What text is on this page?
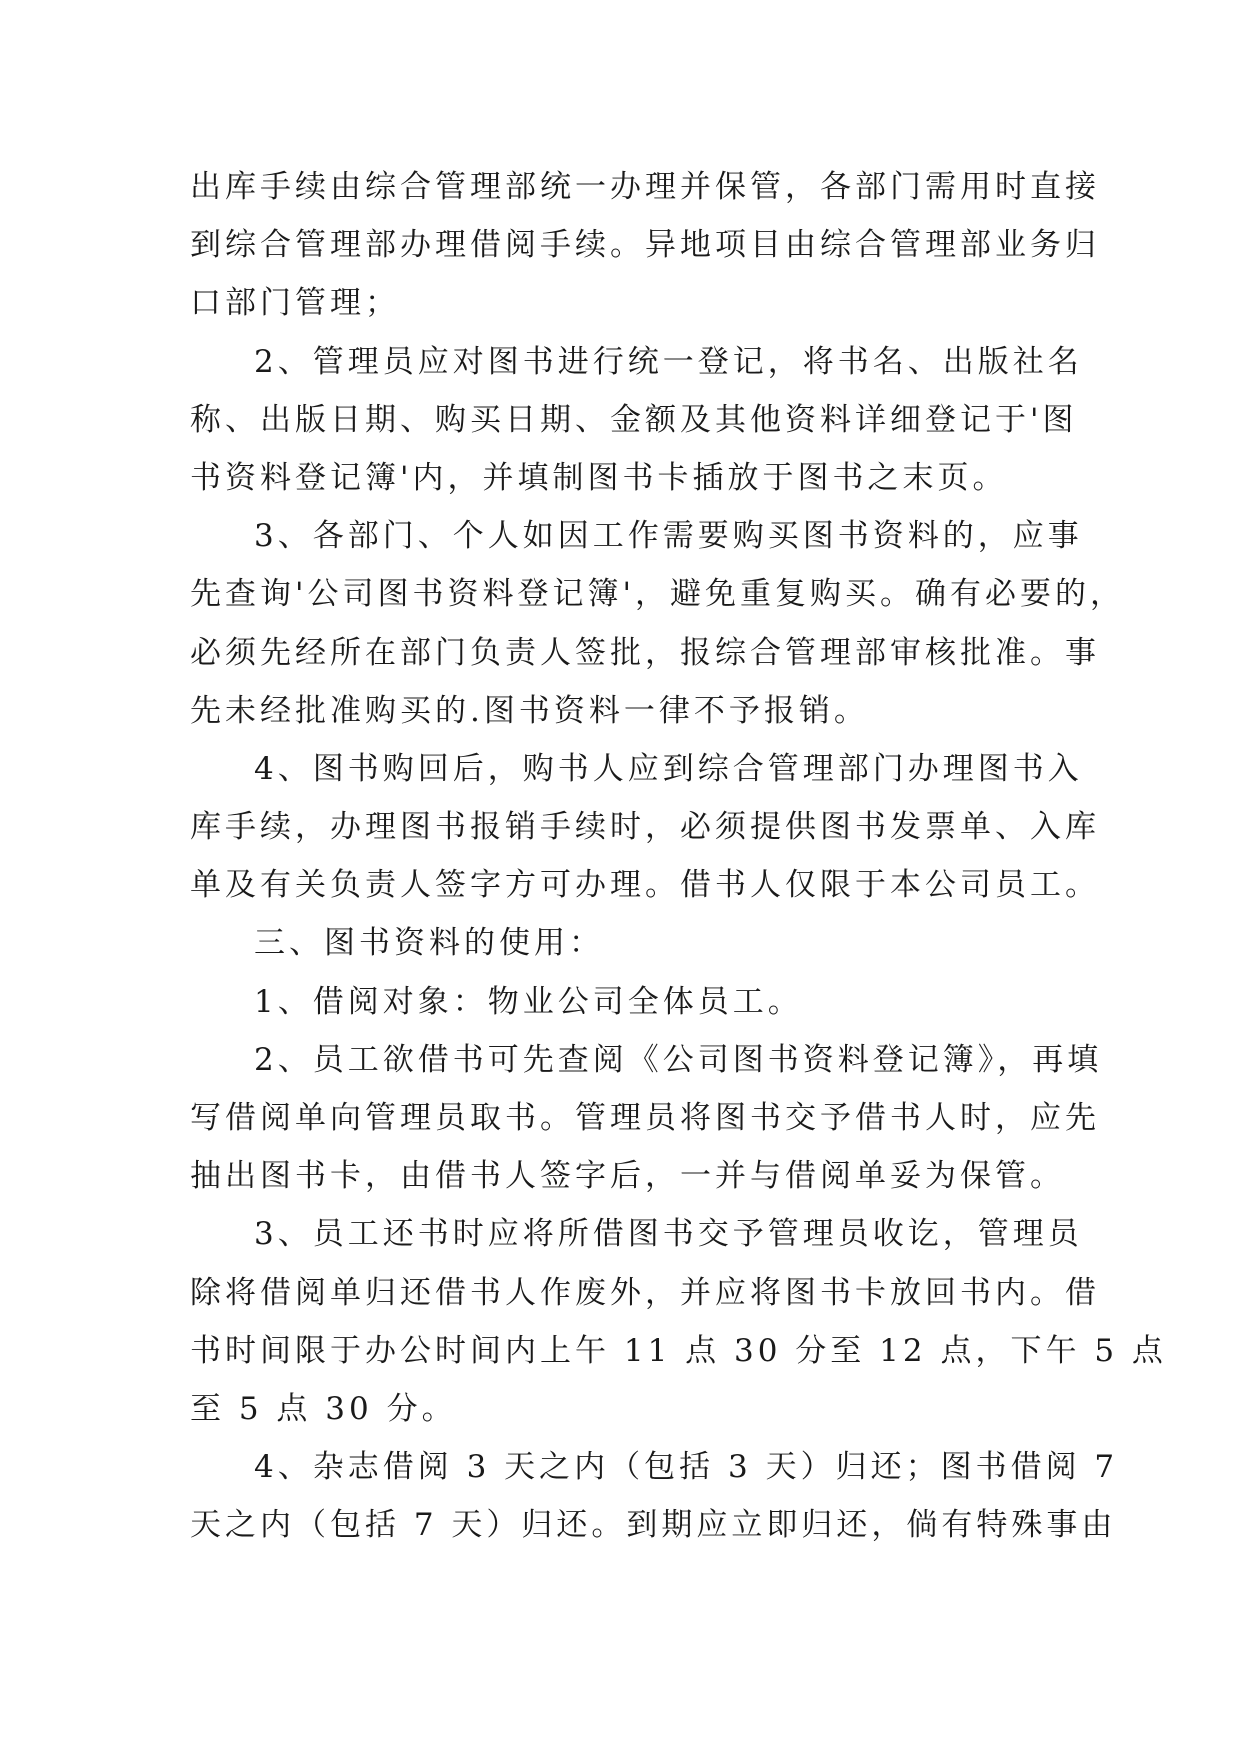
出库手续由综合管理部统一办理并保管，各部门需用时直接
到综合管理部办理借阅手续。异地项目由综合管理部业务归
口部门管理；
2、管理员应对图书进行统一登记，将书名、出版社名
称、出版日期、购买日期、金额及其他资料详细登记于'图
书资料登记簿'内，并填制图书卡插放于图书之末页。
3、各部门、个人如因工作需要购买图书资料的，应事
先查询'公司图书资料登记簿'，避免重复购买。确有必要的，
必须先经所在部门负责人签批，报综合管理部审核批准。事
先未经批准购买的.图书资料一律不予报销。
4、图书购回后，购书人应到综合管理部门办理图书入
库手续，办理图书报销手续时，必须提供图书发票单、入库
单及有关负责人签字方可办理。借书人仅限于本公司员工。
三、图书资料的使用：
1、借阅对象：物业公司全体员工。
2、员工欲借书可先查阅《公司图书资料登记簿》，再填
写借阅单向管理员取书。管理员将图书交予借书人时，应先
抽出图书卡，由借书人签字后，一并与借阅单妥为保管。
3、员工还书时应将所借图书交予管理员收讫，管理员
除将借阅单归还借书人作废外，并应将图书卡放回书内。借
书时间限于办公时间内上午 11 点 30 分至 12 点，下午 5 点
至 5 点 30 分。
4、杂志借阅 3 天之内（包括 3 天）归还；图书借阅 7
天之内（包括 7 天）归还。到期应立即归还，倘有特殊事由
